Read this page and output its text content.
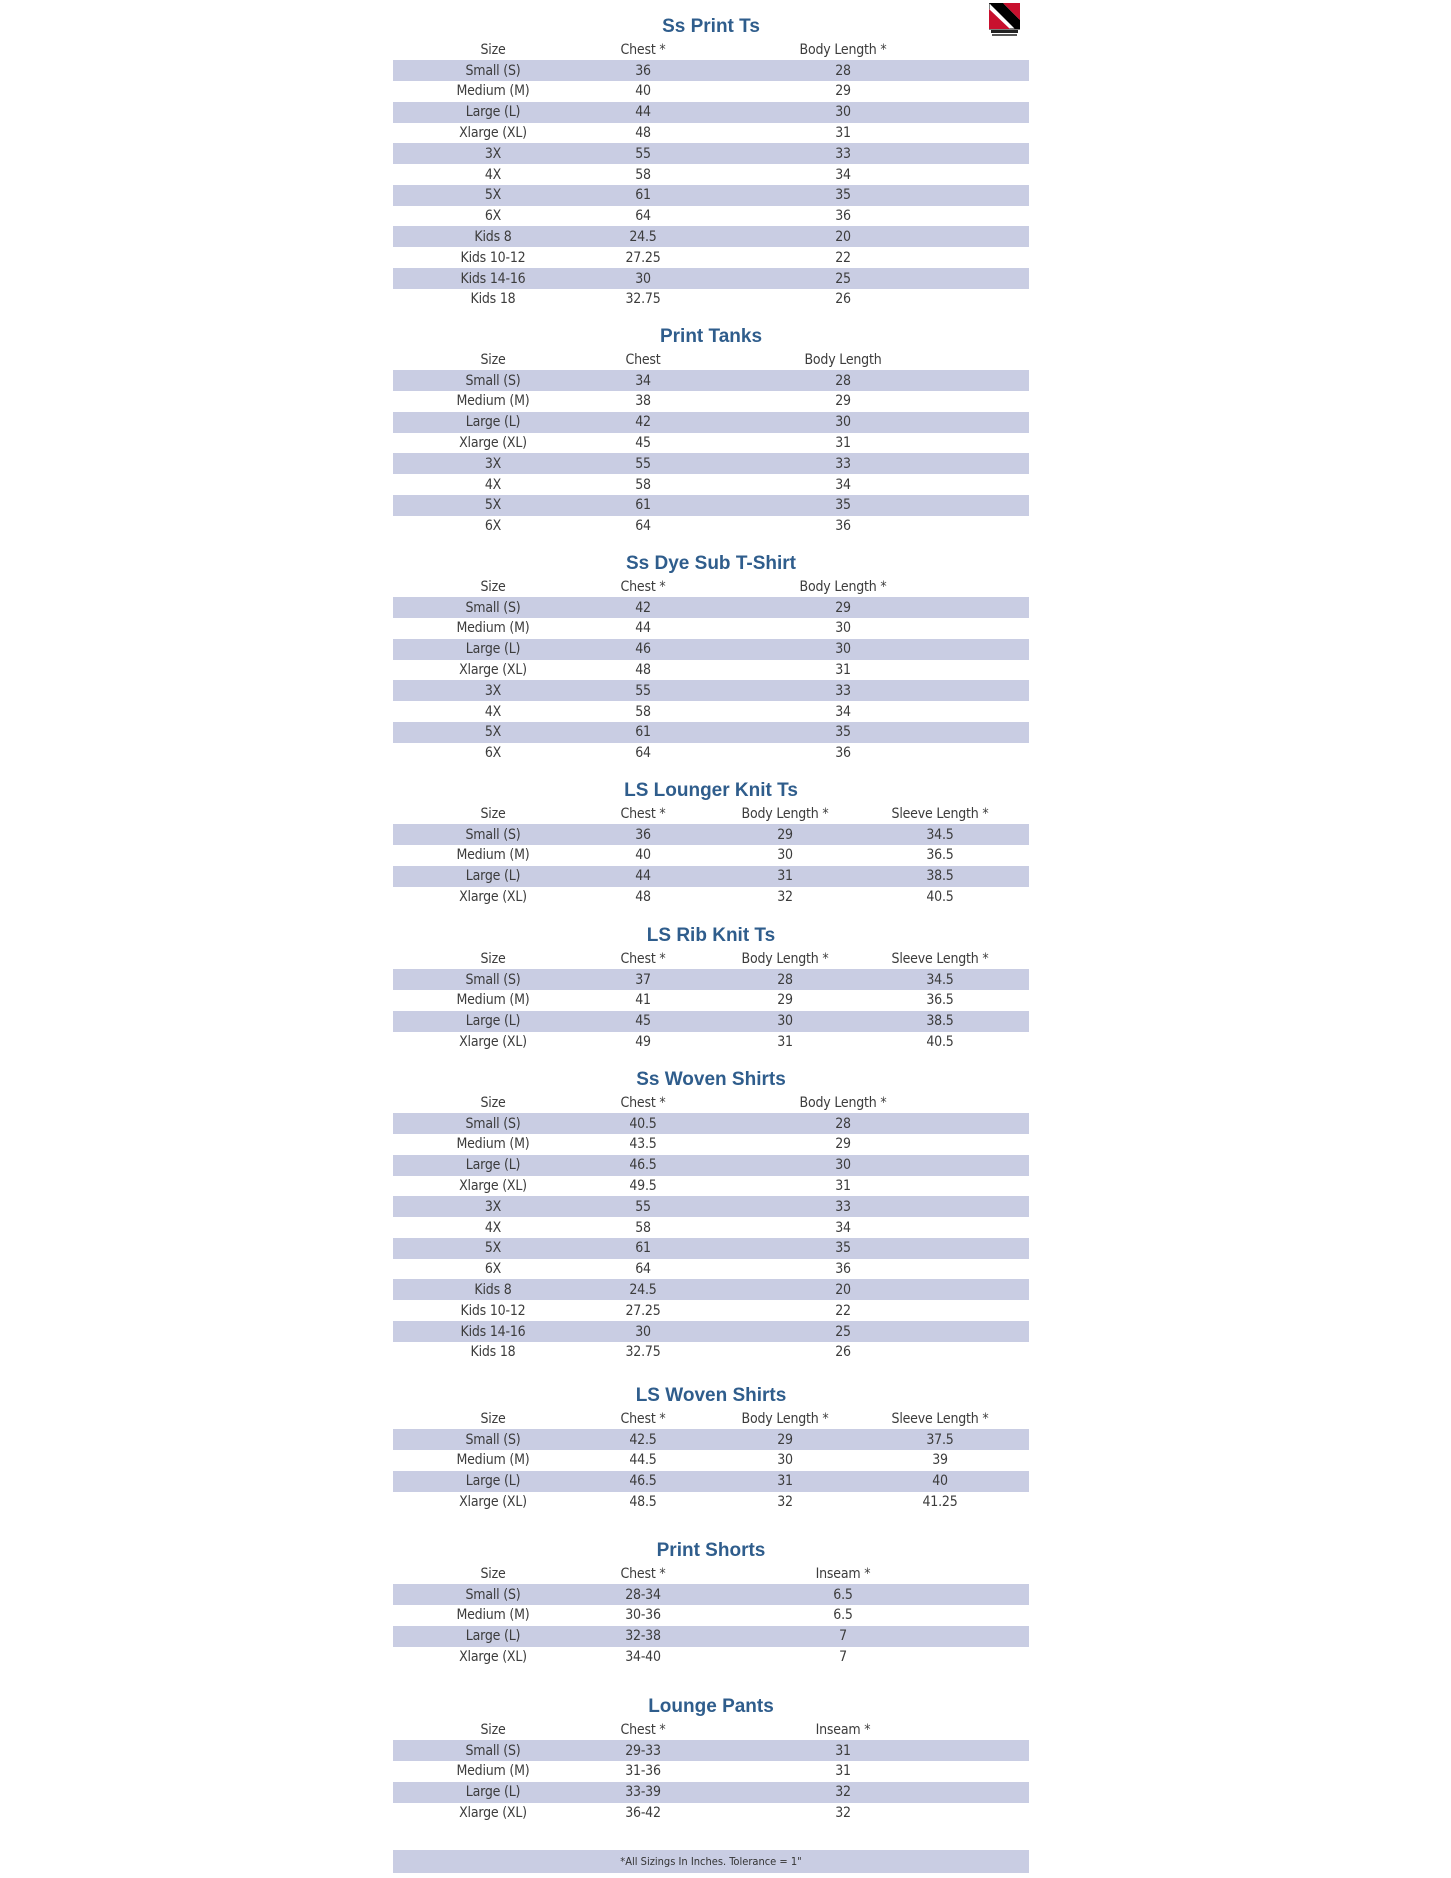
Ss Print Ts
Size	Chest *	Body Length *
Small (S)	36	28
Medium (M)	40	29
Large (L)	44	30
Xlarge (XL)	48	31
3X	55	33
4X	58	34
5X	61	35
6X	64	36
Kids 8	24.5	20
Kids 10-12	27.25	22
Kids 14-16	30	25
Kids 18	32.75	26
Print Tanks
Size	Chest	Body Length
Small (S)	34	28
Medium (M)	38	29
Large (L)	42	30
Xlarge (XL)	45	31
3X	55	33
4X	58	34
5X	61	35
6X	64	36
Ss Dye Sub T-Shirt
Size	Chest *	Body Length *
Small (S)	42	29
Medium (M)	44	30
Large (L)	46	30
Xlarge (XL)	48	31
3X	55	33
4X	58	34
5X	61	35
6X	64	36
LS Lounger Knit Ts
Size	Chest *	Body Length *	Sleeve Length *
Small (S)	36	29	34.5
Medium (M)	40	30	36.5
Large (L)	44	31	38.5
Xlarge (XL)	48	32	40.5
LS Rib Knit Ts
Size	Chest *	Body Length *	Sleeve Length *
Small (S)	37	28	34.5
Medium (M)	41	29	36.5
Large (L)	45	30	38.5
Xlarge (XL)	49	31	40.5
Ss Woven Shirts
Size	Chest *	Body Length *
Small (S)	40.5	28
Medium (M)	43.5	29
Large (L)	46.5	30
Xlarge (XL)	49.5	31
3X	55	33
4X	58	34
5X	61	35
6X	64	36
Kids 8	24.5	20
Kids 10-12	27.25	22
Kids 14-16	30	25
Kids 18	32.75	26
LS Woven Shirts
Size	Chest *	Body Length *	Sleeve Length *
Small (S)	42.5	29	37.5
Medium (M)	44.5	30	39
Large (L)	46.5	31	40
Xlarge (XL)	48.5	32	41.25
Print Shorts
Size	Chest *	Inseam *
Small (S)	28-34	6.5
Medium (M)	30-36	6.5
Large (L)	32-38	7
Xlarge (XL)	34-40	7
Lounge Pants
Size	Chest *	Inseam *
Small (S)	29-33	31
Medium (M)	31-36	31
Large (L)	33-39	32
Xlarge (XL)	36-42	32
*All Sizings In Inches. Tolerance = 1"
